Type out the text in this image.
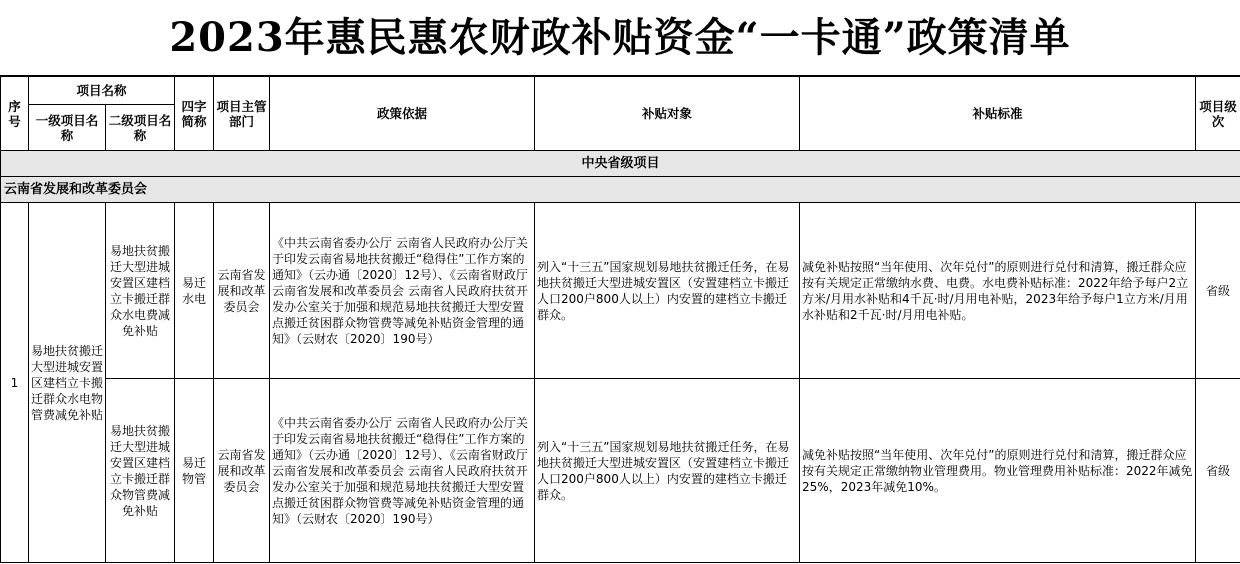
2023年惠民惠农财政补贴资金“一卡通”政策清单
序号	项目名称		四字简称	项目主管部门	政策依据	补贴对象	补贴标准	项目级次
	一级项目名称	二级项目名称						
中央省级项目								
云南省发展和改革委员会								
1	易地扶贫搬迁大型进城安置区建档立卡搬迁群众水电物管费减免补贴	易地扶贫搬迁大型进城安置区建档立卡搬迁群众水电费减免补贴	易迁水电	云南省发展和改革委员会	《中共云南省委办公厅 云南省人民政府办公厅关于印发云南省易地扶贫搬迁“稳得住”工作方案的通知》（云办通〔2020〕12号）、《云南省财政厅 云南省发展和改革委员会 云南省人民政府扶贫开发办公室关于加强和规范易地扶贫搬迁大型安置点搬迁贫困群众物管费等减免补贴资金管理的通知》（云财农〔2020〕190号）	列入“十三五”国家规划易地扶贫搬迁任务，在易地扶贫搬迁大型进城安置区（安置建档立卡搬迁人口200户800人以上）内安置的建档立卡搬迁群众。	减免补贴按照“当年使用、次年兑付”的原则进行兑付和清算，搬迁群众应按有关规定正常缴纳水费、电费。水电费补贴标准：2022年给予每户2立方米/月用水补贴和4千瓦·时/月用电补贴，2023年给予每户1立方米/月用水补贴和2千瓦·时/月用电补贴。	省级
		易地扶贫搬迁大型进城安置区建档立卡搬迁群众物管费减免补贴	易迁物管	云南省发展和改革委员会	《中共云南省委办公厅 云南省人民政府办公厅关于印发云南省易地扶贫搬迁“稳得住”工作方案的通知》（云办通〔2020〕12号）、《云南省财政厅 云南省发展和改革委员会 云南省人民政府扶贫开发办公室关于加强和规范易地扶贫搬迁大型安置点搬迁贫困群众物管费等减免补贴资金管理的通知》（云财农〔2020〕190号）	列入“十三五”国家规划易地扶贫搬迁任务，在易地扶贫搬迁大型进城安置区（安置建档立卡搬迁人口200户800人以上）内安置的建档立卡搬迁群众。	减免补贴按照“当年使用、次年兑付”的原则进行兑付和清算，搬迁群众应按有关规定正常缴纳物业管理费用。物业管理费用补贴标准：2022年减免25%，2023年减免10%。	省级
